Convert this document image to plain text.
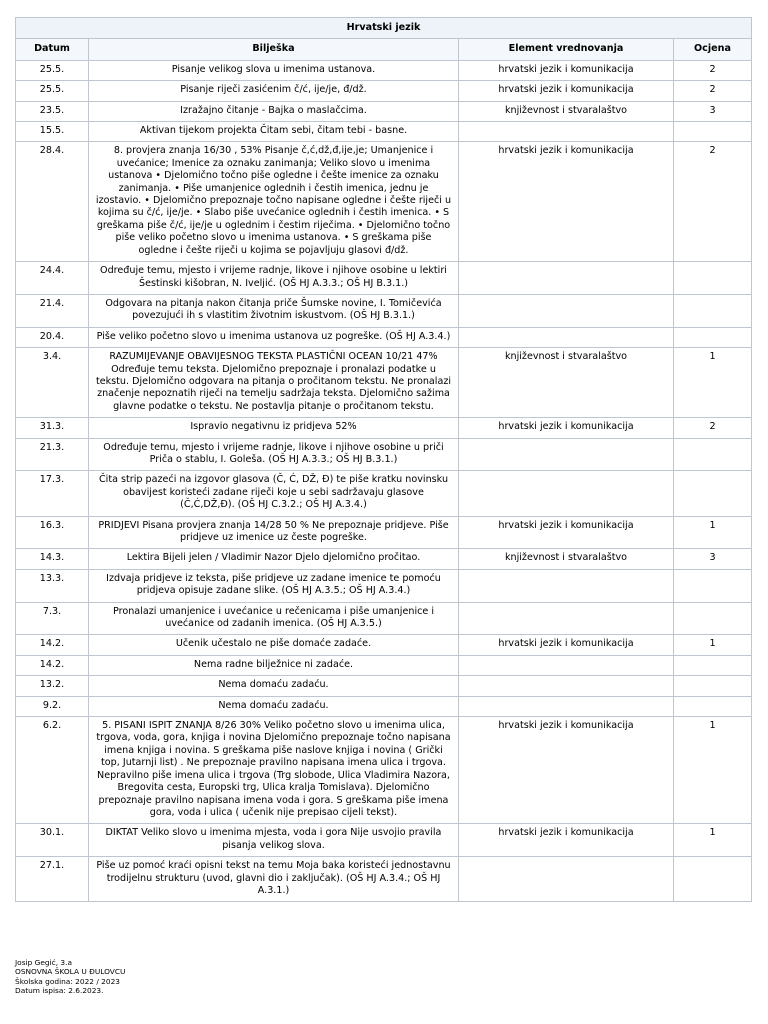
Hrvatski jezik			
Datum	Bilješka	Element vrednovanja	Ocjena
25.5.	Pisanje velikog slova u imenima ustanova.	hrvatski jezik i komunikacija	2
25.5.	Pisanje riječi zasićenim č/ć, ije/je, đ/dž.	hrvatski jezik i komunikacija	2
23.5.	Izražajno čitanje - Bajka o maslačcima.	književnost i stvaralaštvo	3
15.5.	Aktivan tijekom projekta Čitam sebi, čitam tebi - basne.		
28.4.	8. provjera znanja 16/30 , 53% Pisanje č,ć,dž,đ,ije,je; Umanjenice i uvećanice; Imenice za oznaku zanimanja; Veliko slovo u imenima ustanova • Djelomično točno piše ogledne i češte imenice za oznaku zanimanja. • Piše umanjenice oglednih i čestih imenica, jednu je izostavio. • Djelomično prepoznaje točno napisane ogledne i češte riječi u kojima su č/ć, ije/je. • Slabo piše uvećanice oglednih i čestih imenica. • S greškama piše č/ć, ije/je u oglednim i čestim riječima. • Djelomično točno piše veliko početno slovo u imenima ustanova. • S greškama piše ogledne i češte riječi u kojima se pojavljuju glasovi đ/dž.	hrvatski jezik i komunikacija	2
24.4.	Određuje temu, mjesto i vrijeme radnje, likove i njihove osobine u lektiri Šestinski kišobran, N. Iveljić. (OŠ HJ A.3.3.; OŠ HJ B.3.1.)		
21.4.	Odgovara na pitanja nakon čitanja priče Šumske novine, I. Tomičevića povezujući ih s vlastitim životnim iskustvom. (OŠ HJ B.3.1.)		
20.4.	Piše veliko početno slovo u imenima ustanova uz pogreške. (OŠ HJ A.3.4.)		
3.4.	RAZUMIJEVANJE OBAVIJESNOG TEKSTA PLASTIČNI OCEAN 10/21 47% Određuje temu teksta. Djelomično prepoznaje i pronalazi podatke u tekstu. Djelomično odgovara na pitanja o pročitanom tekstu. Ne pronalazi značenje nepoznatih riječi na temelju sadržaja teksta. Djelomično sažima glavne podatke o tekstu. Ne postavlja pitanje o pročitanom tekstu.	književnost i stvaralaštvo	1
31.3.	Ispravio negativnu iz pridjeva 52%	hrvatski jezik i komunikacija	2
21.3.	Određuje temu, mjesto i vrijeme radnje, likove i njihove osobine u priči Priča o stablu, I. Goleša. (OŠ HJ A.3.3.; OŠ HJ B.3.1.)		
17.3.	Čita strip pazeći na izgovor glasova (Č, Ć, DŽ, Đ) te piše kratku novinsku obavijest koristeći zadane riječi koje u sebi sadržavaju glasove (Č,Ć,DŽ,Đ). (OŠ HJ C.3.2.; OŠ HJ A.3.4.)		
16.3.	PRIDJEVI Pisana provjera znanja 14/28 50 % Ne prepoznaje pridjeve. Piše pridjeve uz imenice uz česte pogreške.	hrvatski jezik i komunikacija	1
14.3.	Lektira Bijeli jelen / Vladimir Nazor Djelo djelomično pročitao.	književnost i stvaralaštvo	3
13.3.	Izdvaja pridjeve iz teksta, piše pridjeve uz zadane imenice te pomoću pridjeva opisuje zadane slike. (OŠ HJ A.3.5.; OŠ HJ A.3.4.)		
7.3.	Pronalazi umanjenice i uvećanice u rečenicama i piše umanjenice i uvećanice od zadanih imenica. (OŠ HJ A.3.5.)		
14.2.	Učenik učestalo ne piše domaće zadaće.	hrvatski jezik i komunikacija	1
14.2.	Nema radne bilježnice ni zadaće.		
13.2.	Nema domaću zadaću.		
9.2.	Nema domaću zadaću.		
6.2.	5. PISANI ISPIT ZNANJA 8/26 30% Veliko početno slovo u imenima ulica, trgova, voda, gora, knjiga i novina Djelomično prepoznaje točno napisana imena knjiga i novina. S greškama piše naslove knjiga i novina ( Grički top, Jutarnji list) . Ne prepoznaje pravilno napisana imena ulica i trgova. Nepravilno piše imena ulica i trgova (Trg slobode, Ulica Vladimira Nazora, Bregovita cesta, Europski trg, Ulica kralja Tomislava). Djelomično prepoznaje pravilno napisana imena voda i gora. S greškama piše imena gora, voda i ulica ( učenik nije prepisao cijeli tekst).	hrvatski jezik i komunikacija	1
30.1.	DIKTAT Veliko slovo u imenima mjesta, voda i gora Nije usvojio pravila pisanja velikog slova.	hrvatski jezik i komunikacija	1
27.1.	Piše uz pomoć kraći opisni tekst na temu Moja baka koristeći jednostavnu trodijelnu strukturu (uvod, glavni dio i zaključak). (OŠ HJ A.3.4.; OŠ HJ A.3.1.)		
Josip Gegić, 3.a
OSNOVNA ŠKOLA U ĐULOVCU
Školska godina: 2022 / 2023
Datum ispisa: 2.6.2023.
